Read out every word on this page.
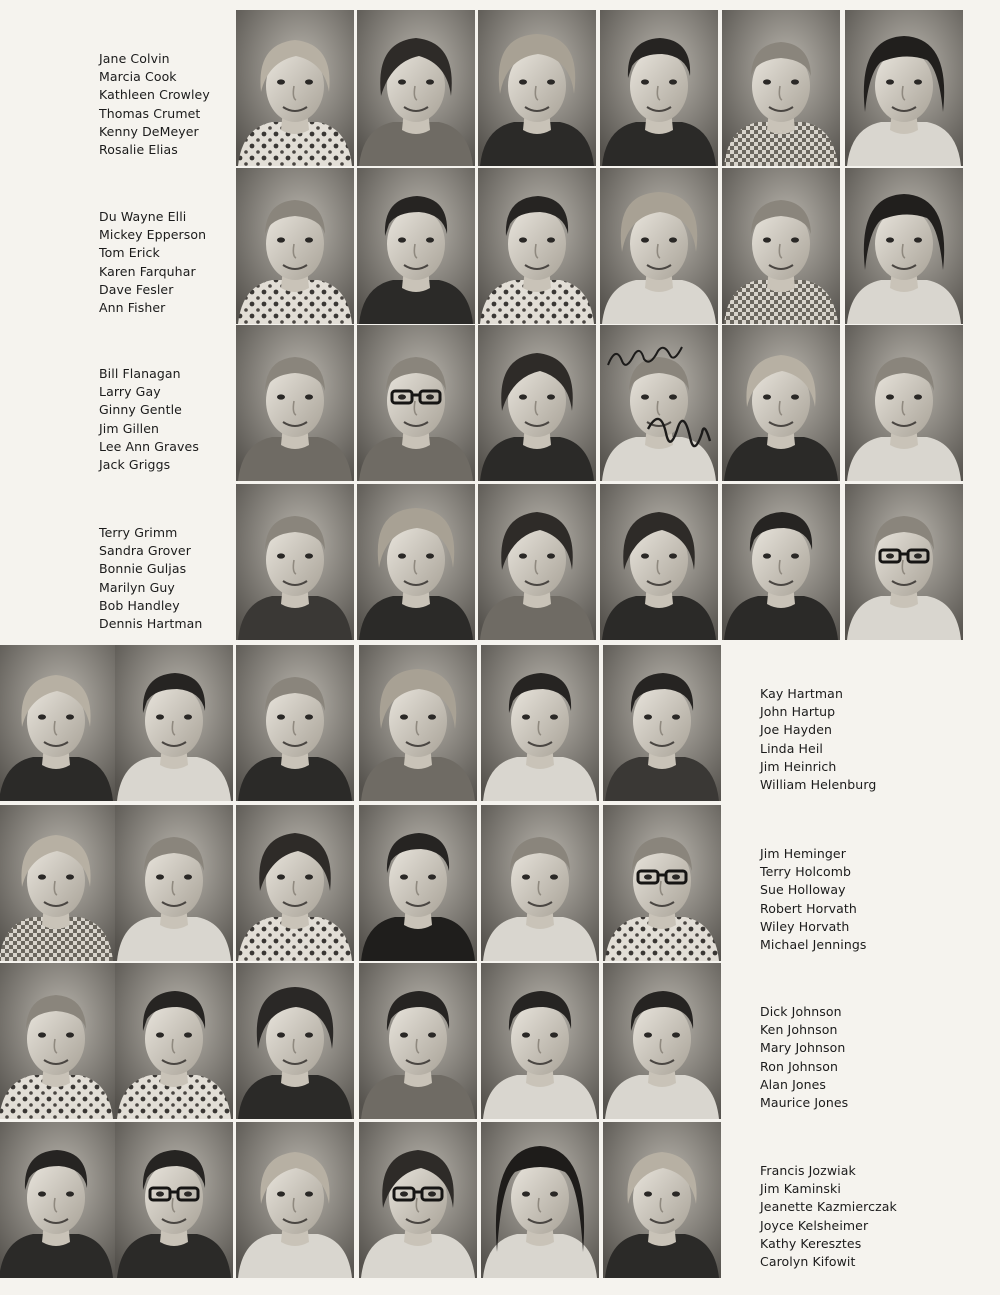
Jane Colvin
Marcia Cook
Kathleen Crowley
Thomas Crumet
Kenny DeMeyer
Rosalie Elias
Du Wayne Elli
Mickey Epperson
Tom Erick
Karen Farquhar
Dave Fesler
Ann Fisher
Bill Flanagan
Larry Gay
Ginny Gentle
Jim Gillen
Lee Ann Graves
Jack Griggs
Terry Grimm
Sandra Grover
Bonnie Guljas
Marilyn Guy
Bob Handley
Dennis Hartman
Kay Hartman
John Hartup
Joe Hayden
Linda Heil
Jim Heinrich
William Helenburg
Jim Heminger
Terry Holcomb
Sue Holloway
Robert Horvath
Wiley Horvath
Michael Jennings
Dick Johnson
Ken Johnson
Mary Johnson
Ron Johnson
Alan Jones
Maurice Jones
Francis Jozwiak
Jim Kaminski
Jeanette Kazmierczak
Joyce Kelsheimer
Kathy Keresztes
Carolyn Kifowit
